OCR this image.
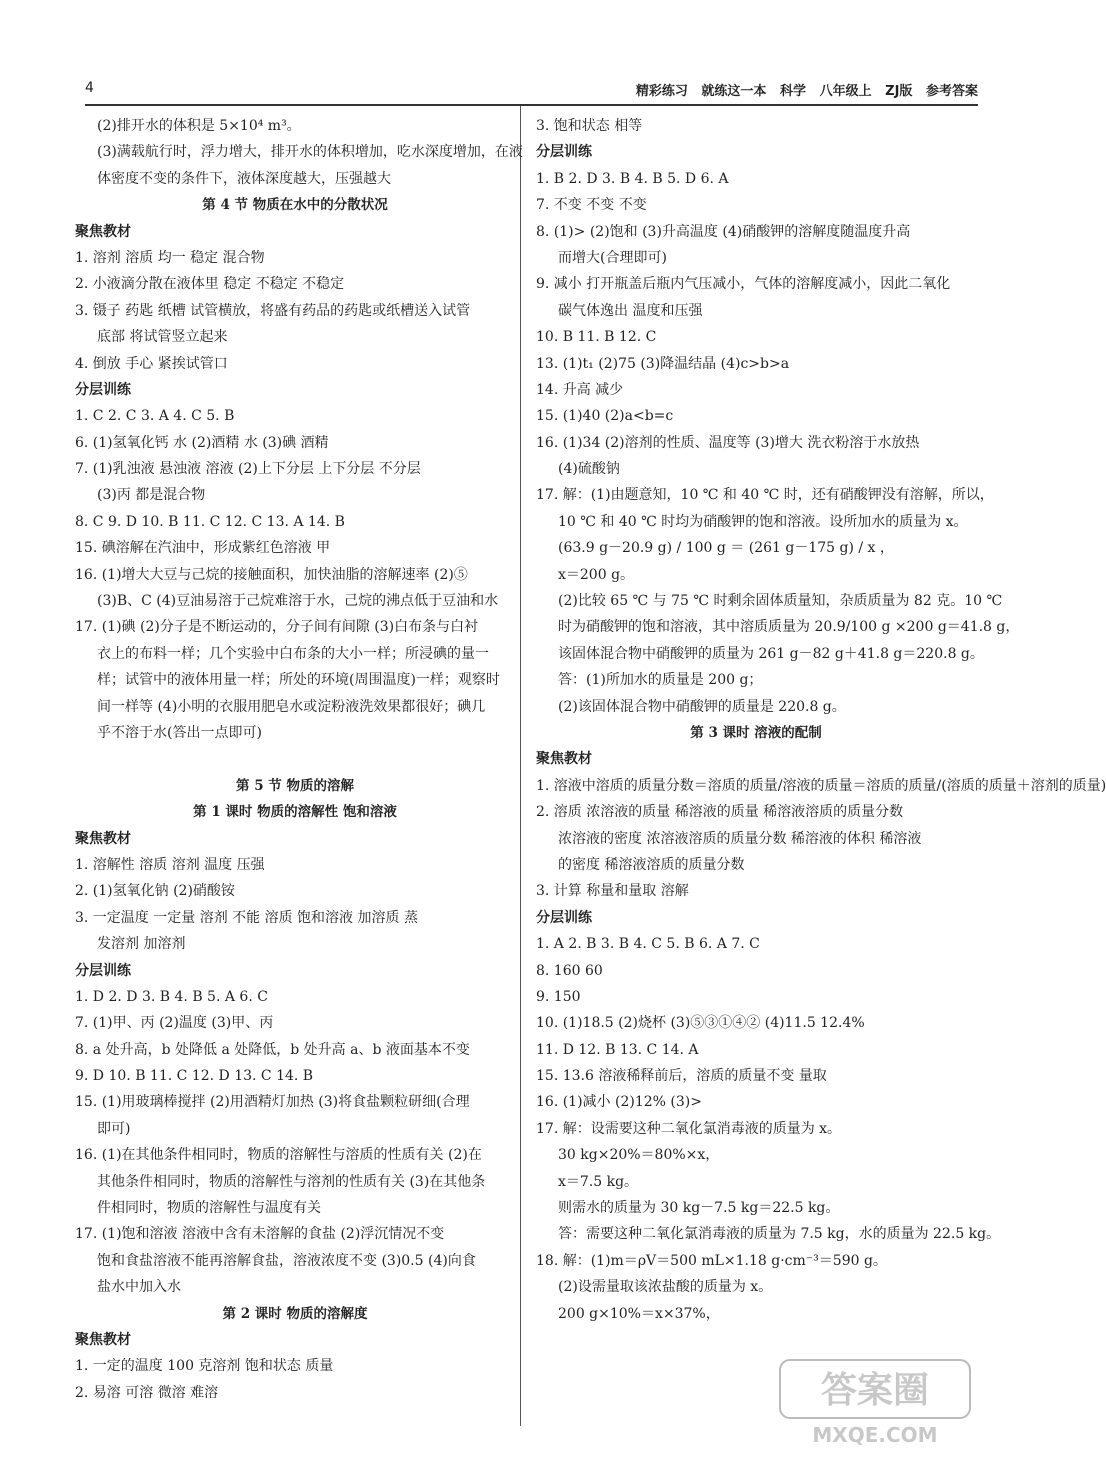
4	精彩练习   就练这一本   科学   八年级上   ZJ版   参考答案
(2)排开水的体积是 5×10⁴ m³。
(3)满载航行时，浮力增大，排开水的体积增加，吃水深度增加，在液
体密度不变的条件下，液体深度越大，压强越大
第 4 节 物质在水中的分散状况
聚焦教材
1. 溶剂 溶质 均一 稳定 混合物
2. 小液滴分散在液体里 稳定 不稳定 不稳定
3. 镊子 药匙 纸槽 试管横放，将盛有药品的药匙或纸槽送入试管
底部 将试管竖立起来
4. 倒放 手心 紧挨试管口
分层训练
1. C 2. C 3. A 4. C 5. B
6. (1)氢氧化钙 水 (2)酒精 水 (3)碘 酒精
7. (1)乳浊液 悬浊液 溶液 (2)上下分层 上下分层 不分层
(3)丙 都是混合物
8. C 9. D 10. B 11. C 12. C 13. A 14. B
15. 碘溶解在汽油中，形成紫红色溶液 甲
16. (1)增大大豆与己烷的接触面积，加快油脂的溶解速率 (2)⑤
(3)B、C (4)豆油易溶于己烷难溶于水，己烷的沸点低于豆油和水
17. (1)碘 (2)分子是不断运动的，分子间有间隙 (3)白布条与白衬
衣上的布料一样；几个实验中白布条的大小一样；所浸碘的量一
样；试管中的液体用量一样；所处的环境(周围温度)一样；观察时
间一样等 (4)小明的衣服用肥皂水或淀粉液洗效果都很好；碘几
乎不溶于水(答出一点即可)
第 5 节 物质的溶解
第 1 课时 物质的溶解性 饱和溶液
聚焦教材
1. 溶解性 溶质 溶剂 温度 压强
2. (1)氢氧化钠 (2)硝酸铵
3. 一定温度 一定量 溶剂 不能 溶质 饱和溶液 加溶质 蒸
发溶剂 加溶剂
分层训练
1. D 2. D 3. B 4. B 5. A 6. C
7. (1)甲、丙 (2)温度 (3)甲、丙
8. a 处升高，b 处降低 a 处降低，b 处升高 a、b 液面基本不变
9. D 10. B 11. C 12. D 13. C 14. B
15. (1)用玻璃棒搅拌 (2)用酒精灯加热 (3)将食盐颗粒研细(合理
即可)
16. (1)在其他条件相同时，物质的溶解性与溶质的性质有关 (2)在
其他条件相同时，物质的溶解性与溶剂的性质有关 (3)在其他条
件相同时，物质的溶解性与温度有关
17. (1)饱和溶液 溶液中含有未溶解的食盐 (2)浮沉情况不变
饱和食盐溶液不能再溶解食盐，溶液浓度不变 (3)0.5 (4)向食
盐水中加入水
第 2 课时 物质的溶解度
聚焦教材
1. 一定的温度 100 克溶剂 饱和状态 质量
2. 易溶 可溶 微溶 难溶
3. 饱和状态 相等
分层训练
1. B 2. D 3. B 4. B 5. D 6. A
7. 不变 不变 不变
8. (1)> (2)饱和 (3)升高温度 (4)硝酸钾的溶解度随温度升高
而增大(合理即可)
9. 减小 打开瓶盖后瓶内气压减小，气体的溶解度减小，因此二氧化
碳气体逸出 温度和压强
10. B 11. B 12. C
13. (1)t₁ (2)75 (3)降温结晶 (4)c>b>a
14. 升高 减少
15. (1)40 (2)a<b=c
16. (1)34 (2)溶剂的性质、温度等 (3)增大 洗衣粉溶于水放热
(4)硫酸钠
17. 解：(1)由题意知，10 ℃ 和 40 ℃ 时，还有硝酸钾没有溶解，所以，
10 ℃ 和 40 ℃ 时均为硝酸钾的饱和溶液。设所加水的质量为 x。
(63.9 g－20.9 g) / 100 g ＝ (261 g－175 g) / x ，
x＝200 g。
(2)比较 65 ℃ 与 75 ℃ 时剩余固体质量知，杂质质量为 82 克。10 ℃
时为硝酸钾的饱和溶液，其中溶质质量为 20.9/100 g ×200 g＝41.8 g，
该固体混合物中硝酸钾的质量为 261 g－82 g＋41.8 g＝220.8 g。
答：(1)所加水的质量是 200 g；
(2)该固体混合物中硝酸钾的质量是 220.8 g。
第 3 课时 溶液的配制
聚焦教材
1. 溶液中溶质的质量分数＝溶质的质量/溶液的质量＝溶质的质量/(溶质的质量＋溶剂的质量)
2. 溶质 浓溶液的质量 稀溶液的质量 稀溶液溶质的质量分数
浓溶液的密度 浓溶液溶质的质量分数 稀溶液的体积 稀溶液
的密度 稀溶液溶质的质量分数
3. 计算 称量和量取 溶解
分层训练
1. A 2. B 3. B 4. C 5. B 6. A 7. C
8. 160 60
9. 150
10. (1)18.5 (2)烧杯 (3)⑤③①④② (4)11.5 12.4%
11. D 12. B 13. C 14. A
15. 13.6 溶液稀释前后，溶质的质量不变 量取
16. (1)减小 (2)12% (3)>
17. 解：设需要这种二氧化氯消毒液的质量为 x。
30 kg×20%＝80%×x，
x＝7.5 kg。
则需水的质量为 30 kg－7.5 kg＝22.5 kg。
答：需要这种二氧化氯消毒液的质量为 7.5 kg，水的质量为 22.5 kg。
18. 解：(1)m＝ρV＝500 mL×1.18 g·cm⁻³＝590 g。
(2)设需量取该浓盐酸的质量为 x。
200 g×10%＝x×37%，
答案圈
MXQE.COM
